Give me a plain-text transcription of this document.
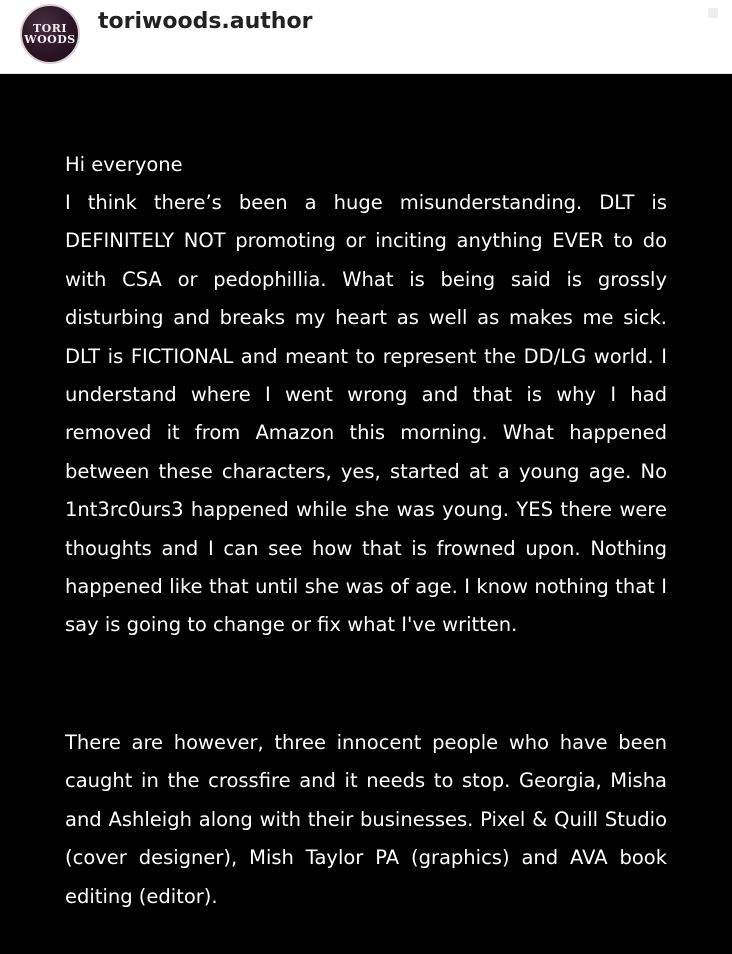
TORI
WOODS
toriwoods.author

Hi everyone

I think there’s been a huge misunderstanding. DLT is DEFINITELY NOT promoting or inciting anything EVER to do with CSA or pedophillia. What is being said is grossly disturbing and breaks my heart as well as makes me sick. DLT is FICTIONAL and meant to represent the DD/LG world. I understand where I went wrong and that is why I had removed it from Amazon this morning. What happened between these characters, yes, started at a young age. No 1nt3rc0urs3 happened while she was young. YES there were thoughts and I can see how that is frowned upon. Nothing happened like that until she was of age. I know nothing that I say is going to change or fix what I've written.

There are however, three innocent people who have been caught in the crossfire and it needs to stop. Georgia, Misha and Ashleigh along with their businesses. Pixel & Quill Studio (cover designer), Mish Taylor PA (graphics) and AVA book editing (editor).
